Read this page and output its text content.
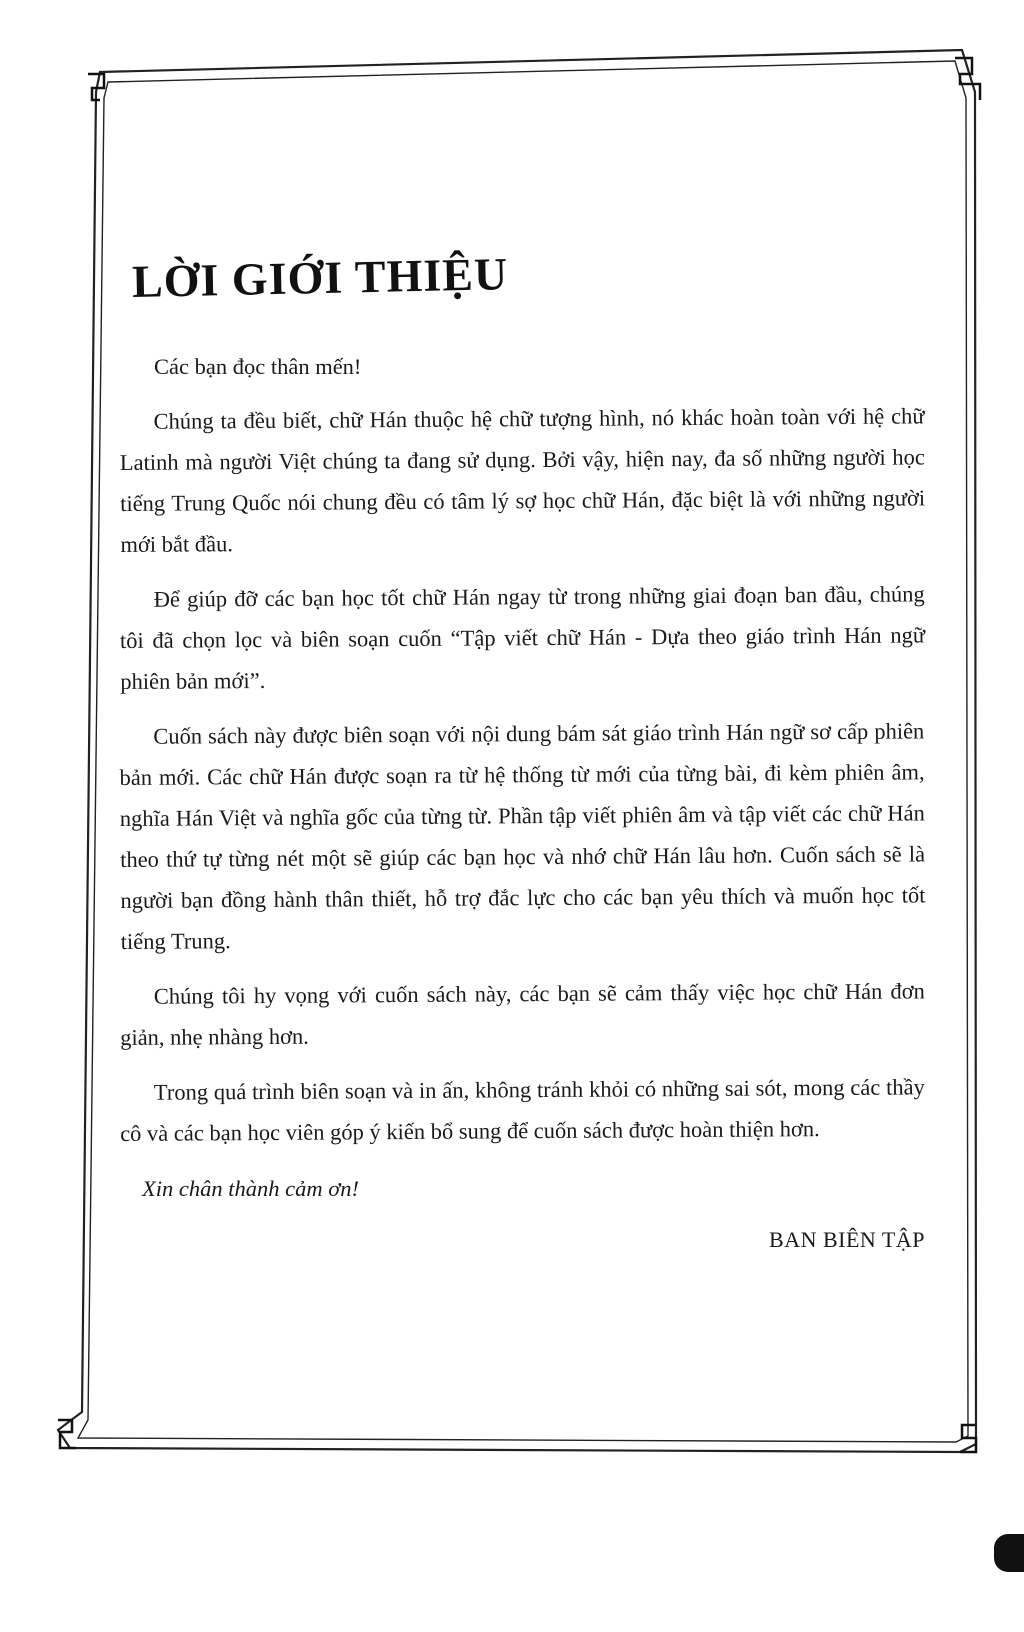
LỜI GIỚI THIỆU

Các bạn đọc thân mến!

Chúng ta đều biết, chữ Hán thuộc hệ chữ tượng hình, nó khác hoàn toàn với hệ chữ Latinh mà người Việt chúng ta đang sử dụng. Bởi vậy, hiện nay, đa số những người học tiếng Trung Quốc nói chung đều có tâm lý sợ học chữ Hán, đặc biệt là với những người mới bắt đầu.

Để giúp đỡ các bạn học tốt chữ Hán ngay từ trong những giai đoạn ban đầu, chúng tôi đã chọn lọc và biên soạn cuốn “Tập viết chữ Hán - Dựa theo giáo trình Hán ngữ phiên bản mới”.

Cuốn sách này được biên soạn với nội dung bám sát giáo trình Hán ngữ sơ cấp phiên bản mới. Các chữ Hán được soạn ra từ hệ thống từ mới của từng bài, đi kèm phiên âm, nghĩa Hán Việt và nghĩa gốc của từng từ. Phần tập viết phiên âm và tập viết các chữ Hán theo thứ tự từng nét một sẽ giúp các bạn học và nhớ chữ Hán lâu hơn. Cuốn sách sẽ là người bạn đồng hành thân thiết, hỗ trợ đắc lực cho các bạn yêu thích và muốn học tốt tiếng Trung.

Chúng tôi hy vọng với cuốn sách này, các bạn sẽ cảm thấy việc học chữ Hán đơn giản, nhẹ nhàng hơn.

Trong quá trình biên soạn và in ấn, không tránh khỏi có những sai sót, mong các thầy cô và các bạn học viên góp ý kiến bổ sung để cuốn sách được hoàn thiện hơn.

Xin chân thành cảm ơn!

BAN BIÊN TẬP
